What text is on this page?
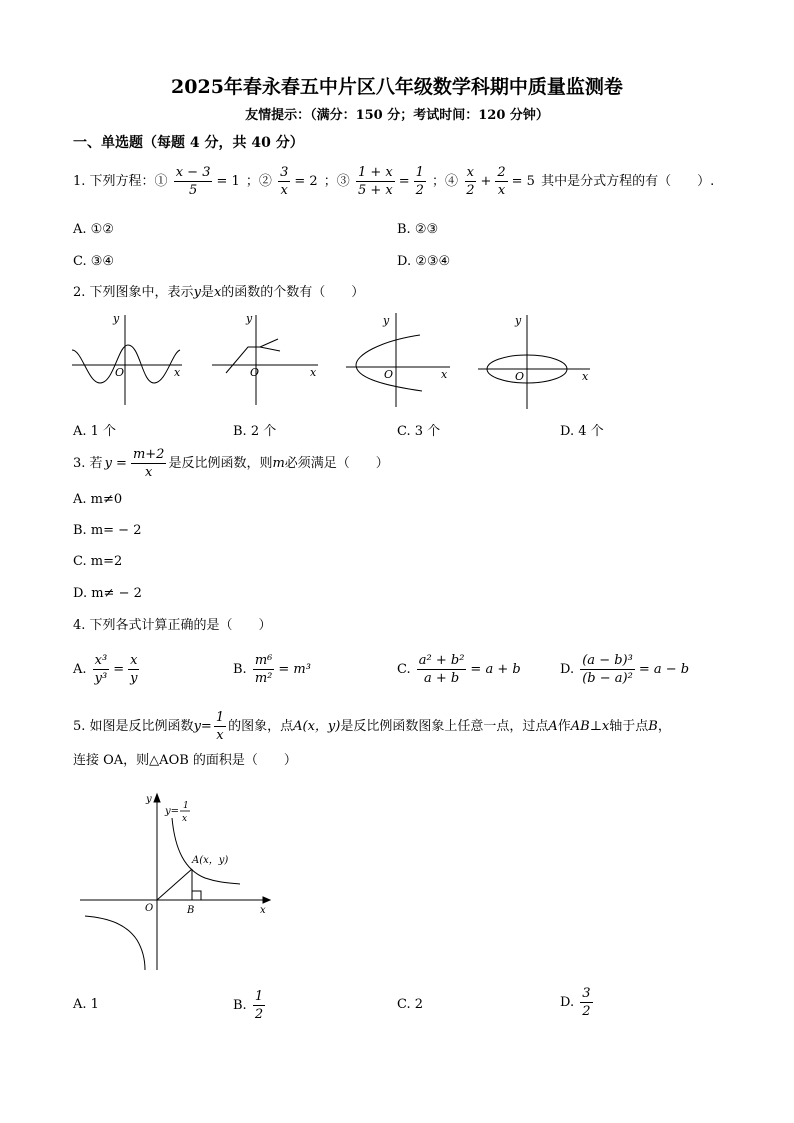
2025年春永春五中片区八年级数学科期中质量监测卷
友情提示：（满分：150 分；考试时间：120 分钟）
一、单选题（每题 4 分，共 40 分）
1. 下列方程：① $\frac{x - 3}{5} = 1$ ；② $\frac{3}{x} = 2$ ；③ $\frac{1 + x}{5 + x} = \frac{1}{2}$ ；④ $\frac{x}{2} + \frac{2}{x} = 5$ 其中是分式方程的有（　　）.
A. ①②	B. ②③
C. ③④	D. ②③④
2. 下列图象中，表示y是x的函数的个数有（　　）
y
O	x
y
O	x
y
O	x
y
O	x
A. 1 个	B. 2 个	C. 3 个	D. 4 个
3. 若 $y = \frac{m+2}{x}$ 是反比例函数，则m必须满足（　　）
A. m≠0
B. m= − 2
C. m=2
D. m≠ − 2
4. 下列各式计算正确的是（　　）
A. $\frac{\text{x³}}{\text{y³}} = \frac{x}{y}$	B. $\frac{\text{m⁶}}{\text{m²}} = m^3$	C. $\frac{\text{a² + b²}}{a + b} = a + b$	D. $\frac{\text{(a − b)³}}{\text{(b − a)²}} = a - b$
5. 如图是反比例函数$y= \frac{1}{x}$ 的图象，点A(x，y)是反比例函数图象上任意一点，过点A作AB⊥x轴于点B，
连接 OA，则△AOB 的面积是（　　）
y
x
O	B
A(x，y)
y= 1
x
A. 1	B. $\frac{1}{2}$	C. 2	D. $\frac{3}{2}$
